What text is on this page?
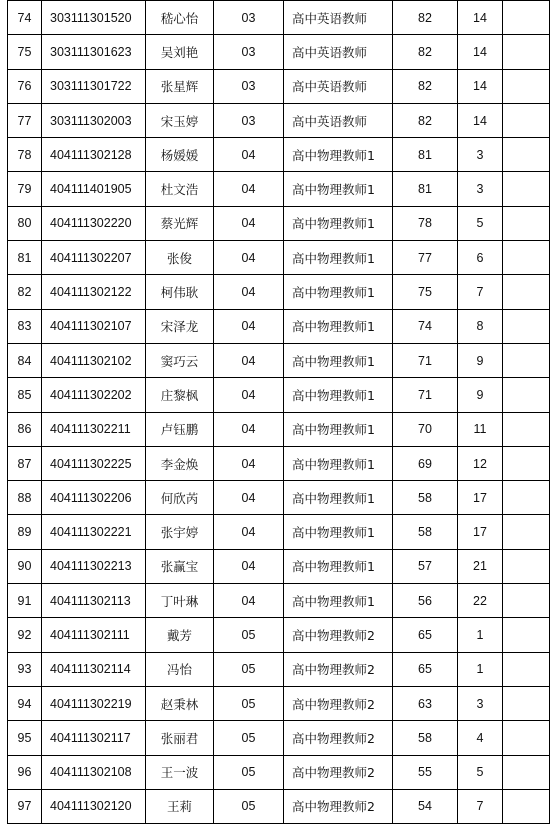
74	303111301520	嵇心怡	03	高中英语教师	82	14	
75	303111301623	吴刘艳	03	高中英语教师	82	14	
76	303111301722	张星辉	03	高中英语教师	82	14	
77	303111302003	宋玉婷	03	高中英语教师	82	14	
78	404111302128	杨媛媛	04	高中物理教师1	81	3	
79	404111401905	杜文浩	04	高中物理教师1	81	3	
80	404111302220	蔡光辉	04	高中物理教师1	78	5	
81	404111302207	张俊	04	高中物理教师1	77	6	
82	404111302122	柯伟耿	04	高中物理教师1	75	7	
83	404111302107	宋泽龙	04	高中物理教师1	74	8	
84	404111302102	窦巧云	04	高中物理教师1	71	9	
85	404111302202	庄黎枫	04	高中物理教师1	71	9	
86	404111302211	卢钰鹏	04	高中物理教师1	70	11	
87	404111302225	李金焕	04	高中物理教师1	69	12	
88	404111302206	何欣芮	04	高中物理教师1	58	17	
89	404111302221	张宇婷	04	高中物理教师1	58	17	
90	404111302213	张赢宝	04	高中物理教师1	57	21	
91	404111302113	丁叶琳	04	高中物理教师1	56	22	
92	404111302111	戴芳	05	高中物理教师2	65	1	
93	404111302114	冯怡	05	高中物理教师2	65	1	
94	404111302219	赵秉林	05	高中物理教师2	63	3	
95	404111302117	张丽君	05	高中物理教师2	58	4	
96	404111302108	王一波	05	高中物理教师2	55	5	
97	404111302120	王莉	05	高中物理教师2	54	7	
